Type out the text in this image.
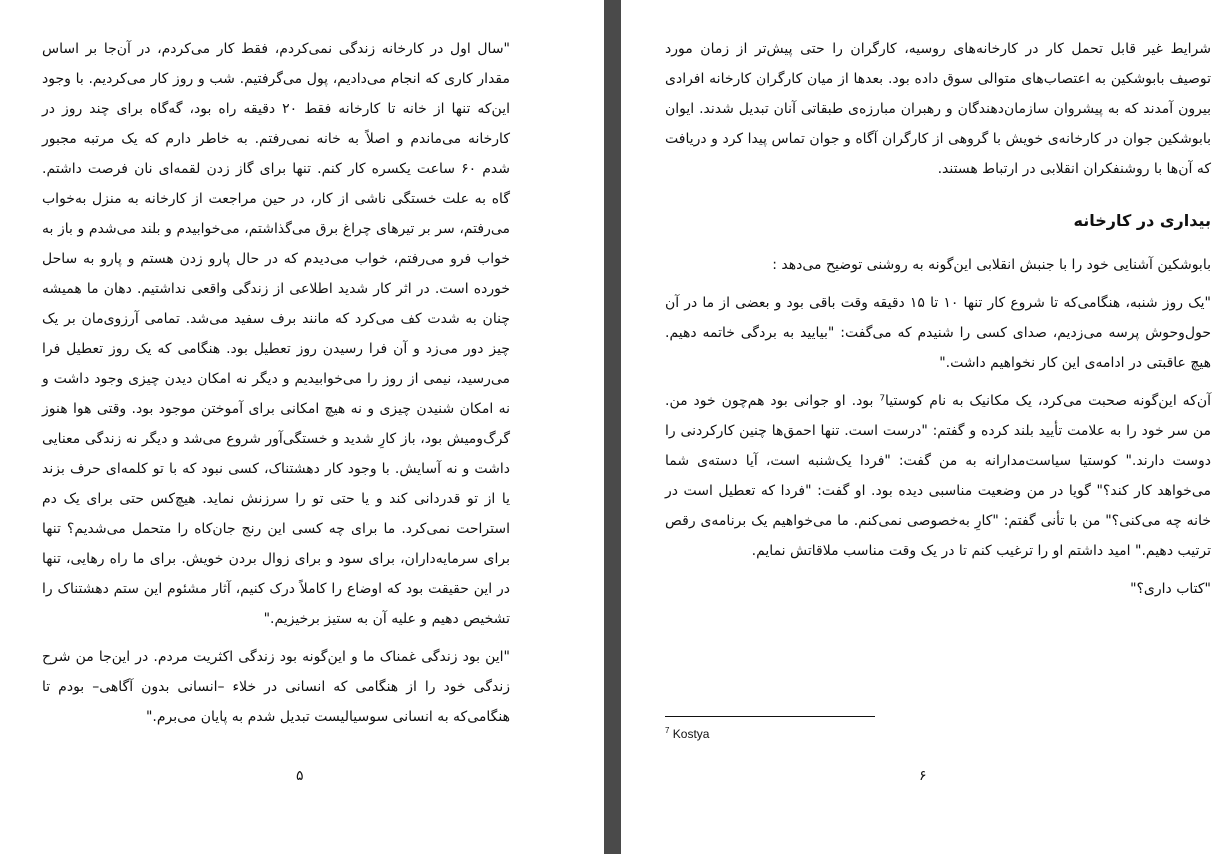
"سال اول در کارخانه زندگی نمی‌کردم، فقط کار می‌کردم، در آن‌جا بر اساس مقدار کاری که انجام می‌دادیم، پول می‌گرفتیم. شب و روز کار می‌کردیم. با وجود این‌که تنها از خانه تا کارخانه فقط ۲۰ دقیقه راه بود، گه‌گاه برای چند روز در کارخانه می‌ماندم و اصلاً به خانه نمی‌رفتم. به خاطر دارم که یک مرتبه مجبور شدم ۶۰ ساعت یکسره کار کنم. تنها برای گاز زدن لقمه‌ای نان فرصت داشتم. گاه به علت خستگی ناشی از کار، در حین مراجعت از کارخانه به منزل به‌خواب می‌رفتم، سر بر تیرهای چراغ برق می‌گذاشتم، می‌خوابیدم و بلند می‌شدم و باز به خواب فرو می‌رفتم، خواب می‌دیدم که در حال پارو زدن هستم و پارو به ساحل خورده است. در اثر کار شدید اطلاعی از زندگی واقعی نداشتیم. دهان ما همیشه چنان به شدت کف می‌کرد که مانند برف سفید می‌شد. تمامی آرزوی‌مان بر یک چیز دور می‌زد و آن فرا رسیدن روز تعطیل بود. هنگامی که یک روز تعطیل فرا می‌رسید، نیمی از روز را می‌خوابیدیم و دیگر نه امکان دیدن چیزی وجود داشت و نه امکان شنیدن چیزی و نه هیچ امکانی برای آموختن موجود بود. وقتی هوا هنوز گرگ‌ومیش بود، باز کارِ شدید و خستگی‌آور شروع می‌شد و دیگر نه زندگی معنایی داشت و نه آسایش. با وجود کار دهشتناک، کسی نبود که با تو کلمه‌ای حرف بزند یا از تو قدردانی کند و یا حتی تو را سرزنش نماید. هیچ‌کس حتی برای یک دم استراحت نمی‌کرد. ما برای چه کسی این رنج جان‌کاه را متحمل می‌شدیم؟ تنها برای سرمایه‌داران، برای سود و برای زوال بردن خویش. برای ما راه رهایی، تنها در این حقیقت بود که اوضاع را کاملاً درک کنیم، آثار مشئوم این ستم دهشتناک را تشخیص دهیم و علیه آن به ستیز برخیزیم."

"این بود زندگی غمناک ما و این‌گونه بود زندگی اکثریت مردم. در این‌جا من شرح زندگی خود را از هنگامی که انسانی در خلاء –انسانی بدون آگاهی– بودم تا هنگامی‌که به انسانی سوسیالیست تبدیل شدم به پایان می‌برم."

۵

شرایط غیر قابل تحمل کار در کارخانه‌های روسیه، کارگران را حتی پیش‌تر از زمان مورد توصیف بابوشکین به اعتصاب‌های متوالی سوق داده بود. بعدها از میان کارگران کارخانه افرادی بیرون آمدند که به پیشروان سازمان‌دهندگان و رهبران مبارزه‌ی طبقاتی آنان تبدیل شدند. ایوان بابوشکین جوان در کارخانه‌ی خویش با گروهی از کارگران آگاه و جوان تماس پیدا کرد و دریافت که آن‌ها با روشنفکران انقلابی در ارتباط هستند.

بیداری در کارخانه

بابوشکین آشنایی خود را با جنبش انقلابی این‌گونه به روشنی توضیح می‌دهد :

"یک روز شنبه، هنگامی‌که تا شروع کار تنها ۱۰ تا ۱۵ دقیقه وقت باقی بود و بعضی از ما در آن حول‌وحوش پرسه می‌زدیم، صدای کسی را شنیدم که می‌گفت: "بیایید به بردگی خاتمه دهیم. هیچ عاقبتی در ادامه‌ی این کار نخواهیم داشت."

آن‌که این‌گونه صحبت می‌کرد، یک مکانیک به نام کوستیا⁷ بود. او جوانی بود هم‌چون خود من. من سر خود را به علامت تأیید بلند کرده و گفتم: "درست است. تنها احمق‌ها چنین کارکردنی را دوست دارند." کوستیا سیاست‌مدارانه به من گفت: "فردا یک‌شنبه است، آیا دسته‌ی شما می‌خواهد کار کند؟" گویا در من وضعیت مناسبی دیده بود. او گفت: "فردا که تعطیل است در خانه چه می‌کنی؟" من با تأنی گفتم: "کارِ به‌خصوصی نمی‌کنم. ما می‌خواهیم یک برنامه‌ی رقص ترتیب دهیم." امید داشتم او را ترغیب کنم تا در یک وقت مناسب ملاقاتش نمایم.

"کتاب داری؟"

$^7$ Kostya
۶
